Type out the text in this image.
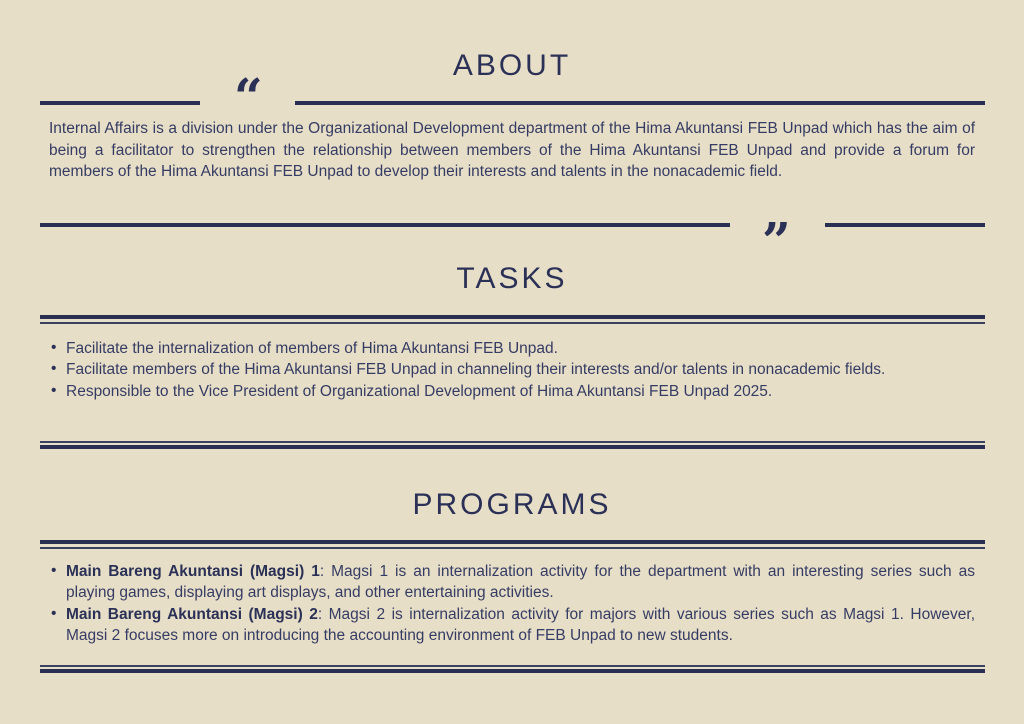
ABOUT
“

Internal Affairs is a division under the Organizational Development department of the Hima Akuntansi FEB Unpad which has the aim of being a facilitator to strengthen the relationship between members of the Hima Akuntansi FEB Unpad and provide a forum for members of the Hima Akuntansi FEB Unpad to develop their interests and talents in the nonacademic field.

”
TASKS
• Facilitate the internalization of members of Hima Akuntansi FEB Unpad.
• Facilitate members of the Hima Akuntansi FEB Unpad in channeling their interests and/or talents in nonacademic fields.
• Responsible to the Vice President of Organizational Development of Hima Akuntansi FEB Unpad 2025.
PROGRAMS
• Main Bareng Akuntansi (Magsi) 1: Magsi 1 is an internalization activity for the department with an interesting series such as playing games, displaying art displays, and other entertaining activities.
• Main Bareng Akuntansi (Magsi) 2: Magsi 2 is internalization activity for majors with various series such as Magsi 1. However, Magsi 2 focuses more on introducing the accounting environment of FEB Unpad to new students.
